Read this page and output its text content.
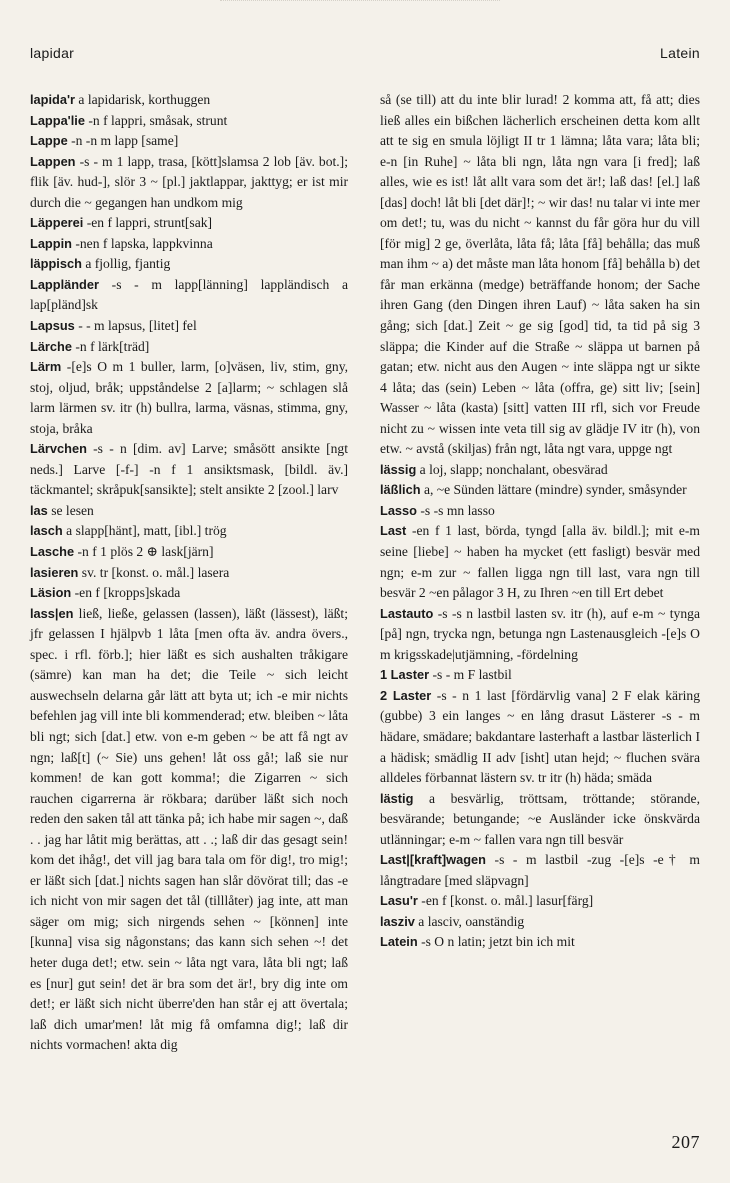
lapidar	Latein

lapida'r a lapidarisk, korthuggen

Lappa'lie -n f lappri, småsak, strunt

Lappe -n -n m lapp [same]

Lappen -s - m 1 lapp, trasa, [kött]slamsa 2 lob [äv. bot.]; flik [äv. hud-], slör 3 ~ [pl.] jaktlappar, jakttyg; er ist mir durch die ~ gegangen han undkom mig

Läpperei -en f lappri, strunt[sak]

Lappin -nen f lapska, lappkvinna

läppisch a fjollig, fjantig

Lappländer -s - m lapp[länning] lappländisch a lap[pländ]sk

Lapsus - - m lapsus, [litet] fel

Lärche -n f lärk[träd]

Lärm -[e]s O m 1 buller, larm, [o]väsen, liv, stim, gny, stoj, oljud, bråk; uppståndelse 2 [a]larm; ~ schlagen slå larm lärmen sv. itr (h) bullra, larma, väsnas, stimma, gny, stoja, bråka

Lärvchen -s - n [dim. av] Larve; småsött ansikte [ngt neds.] Larve [-f-] -n f 1 ansiktsmask, [bildl. äv.] täckmantel; skråpuk[sansikte]; stelt ansikte 2 [zool.] larv

las se lesen

lasch a slapp[hänt], matt, [ibl.] trög

Lasche -n f 1 plös 2 ⊕ lask[järn]

lasieren sv. tr [konst. o. mål.] lasera

Läsion -en f [kropps]skada

lass|en ließ, ließe, gelassen (lassen), läßt (lässest), läßt; jfr gelassen I hjälpvb 1 låta [men ofta äv. andra övers., spec. i rfl. förb.]; hier läßt es sich aushalten tråkigare (sämre) kan man ha det; die Teile ~ sich leicht auswechseln delarna går lätt att byta ut; ich -e mir nichts befehlen jag vill inte bli kommenderad; etw. bleiben ~ låta bli ngt; sich [dat.] etw. von e-m geben ~ be att få ngt av ngn; laß[t] (~ Sie) uns gehen! låt oss gå!; laß sie nur kommen! de kan gott komma!; die Zigarren ~ sich rauchen cigarrerna är rökbara; darüber läßt sich noch reden den saken tål att tänka på; ich habe mir sagen ~, daß . . jag har låtit mig berättas, att . .; laß dir das gesagt sein! kom det ihåg!, det vill jag bara tala om för dig!, tro mig!; er läßt sich [dat.] nichts sagen han slår dövörat till; das -e ich nicht von mir sagen det tål (tilllåter) jag inte, att man säger om mig; sich nirgends sehen ~ [können] inte [kunna] visa sig någonstans; das kann sich sehen ~! det heter duga det!; etw. sein ~ låta ngt vara, låta bli ngt; laß es [nur] gut sein! det är bra som det är!, bry dig inte om det!; er läßt sich nicht überre'den han står ej att övertala; laß dich umar'men! låt mig få omfamna dig!; laß dir nichts vormachen! akta dig

så (se till) att du inte blir lurad! 2 komma att, få att; dies ließ alles ein bißchen lächerlich erscheinen detta kom allt att te sig en smula löjligt II tr 1 lämna; låta vara; låta bli; e-n [in Ruhe] ~ låta bli ngn, låta ngn vara [i fred]; laß alles, wie es ist! låt allt vara som det är!; laß das! [el.] laß [das] doch! låt bli [det där]!; ~ wir das! nu talar vi inte mer om det!; tu, was du nicht ~ kannst du får göra hur du vill [för mig] 2 ge, överlåta, låta få; låta [få] behålla; das muß man ihm ~ a) det måste man låta honom [få] behålla b) det får man erkänna (medge) beträffande honom; der Sache ihren Gang (den Dingen ihren Lauf) ~ låta saken ha sin gång; sich [dat.] Zeit ~ ge sig [god] tid, ta tid på sig 3 släppa; die Kinder auf die Straße ~ släppa ut barnen på gatan; etw. nicht aus den Augen ~ inte släppa ngt ur sikte 4 låta; das (sein) Leben ~ låta (offra, ge) sitt liv; [sein] Wasser ~ låta (kasta) [sitt] vatten III rfl, sich vor Freude nicht zu ~ wissen inte veta till sig av glädje IV itr (h), von etw. ~ avstå (skiljas) från ngt, låta ngt vara, uppge ngt

lässig a loj, slapp; nonchalant, obesvärad

läßlich a, ~e Sünden lättare (mindre) synder, småsynder

Lasso -s -s mn lasso

Last -en f 1 last, börda, tyngd [alla äv. bildl.]; mit e-m seine [liebe] ~ haben ha mycket (ett fasligt) besvär med ngn; e-m zur ~ fallen ligga ngn till last, vara ngn till besvär 2 ~en pålagor 3 H, zu Ihren ~en till Ert debet

Lastauto -s -s n lastbil lasten sv. itr (h), auf e-m ~ tynga [på] ngn, trycka ngn, betunga ngn Lastenausgleich -[e]s O m krigsskade|utjämning, -fördelning

1 Laster -s - m F lastbil

2 Laster -s - n 1 last [fördärvlig vana] 2 F elak käring (gubbe) 3 ein langes ~ en lång drasut Lästerer -s - m hädare, smädare; bakdantare lasterhaft a lastbar lästerlich I a hädisk; smädlig II adv [isht] utan hejd; ~ fluchen svära alldeles förbannat lästern sv. tr itr (h) häda; smäda

lästig a besvärlig, tröttsam, tröttande; störande, besvärande; betungande; ~e Ausländer icke önskvärda utlänningar; e-m ~ fallen vara ngn till besvär

Last|[kraft]wagen -s - m lastbil -zug -[e]s -e† m långtradare [med släpvagn]

Lasu'r -en f [konst. o. mål.] lasur[färg]

lasziv a lasciv, oanständig

Latein -s O n latin; jetzt bin ich mit

207
